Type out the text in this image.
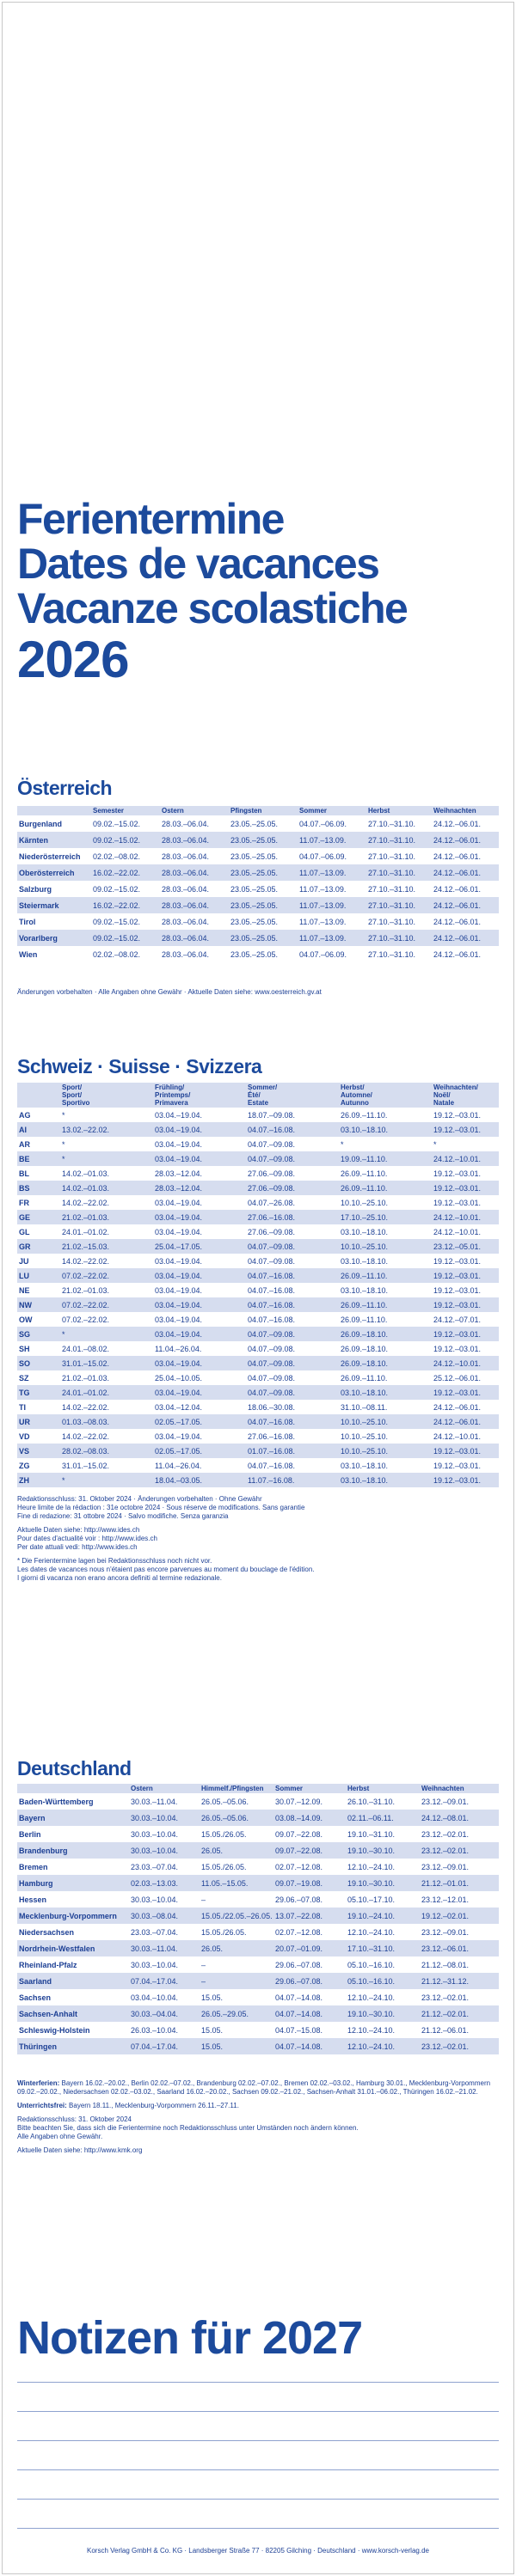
Ferientermine
Dates de vacances
Vacanze scolastiche
2026
Österreich
	Semester	Ostern	Pfingsten	Sommer	Herbst	Weihnachten
Burgenland	09.02.–15.02.	28.03.–06.04.	23.05.–25.05.	04.07.–06.09.	27.10.–31.10.	24.12.–06.01.
Kärnten	09.02.–15.02.	28.03.–06.04.	23.05.–25.05.	11.07.–13.09.	27.10.–31.10.	24.12.–06.01.
Niederösterreich	02.02.–08.02.	28.03.–06.04.	23.05.–25.05.	04.07.–06.09.	27.10.–31.10.	24.12.–06.01.
Oberösterreich	16.02.–22.02.	28.03.–06.04.	23.05.–25.05.	11.07.–13.09.	27.10.–31.10.	24.12.–06.01.
Salzburg	09.02.–15.02.	28.03.–06.04.	23.05.–25.05.	11.07.–13.09.	27.10.–31.10.	24.12.–06.01.
Steiermark	16.02.–22.02.	28.03.–06.04.	23.05.–25.05.	11.07.–13.09.	27.10.–31.10.	24.12.–06.01.
Tirol	09.02.–15.02.	28.03.–06.04.	23.05.–25.05.	11.07.–13.09.	27.10.–31.10.	24.12.–06.01.
Vorarlberg	09.02.–15.02.	28.03.–06.04.	23.05.–25.05.	11.07.–13.09.	27.10.–31.10.	24.12.–06.01.
Wien	02.02.–08.02.	28.03.–06.04.	23.05.–25.05.	04.07.–06.09.	27.10.–31.10.	24.12.–06.01.

Änderungen vorbehalten · Alle Angaben ohne Gewähr · Aktuelle Daten siehe: www.oesterreich.gv.at

Schweiz · Suisse · Svizzera
	Sport/
Sport/
Sportivo	Frühling/
Printemps/
Primavera	Sommer/
Été/
Estate	Herbst/
Automne/
Autunno	Weihnachten/
Noël/
Natale
AG	*	03.04.–19.04.	18.07.–09.08.	26.09.–11.10.	19.12.–03.01.
AI	13.02.–22.02.	03.04.–19.04.	04.07.–16.08.	03.10.–18.10.	19.12.–03.01.
AR	*	03.04.–19.04.	04.07.–09.08.	*	*
BE	*	03.04.–19.04.	04.07.–09.08.	19.09.–11.10.	24.12.–10.01.
BL	14.02.–01.03.	28.03.–12.04.	27.06.–09.08.	26.09.–11.10.	19.12.–03.01.
BS	14.02.–01.03.	28.03.–12.04.	27.06.–09.08.	26.09.–11.10.	19.12.–03.01.
FR	14.02.–22.02.	03.04.–19.04.	04.07.–26.08.	10.10.–25.10.	19.12.–03.01.
GE	21.02.–01.03.	03.04.–19.04.	27.06.–16.08.	17.10.–25.10.	24.12.–10.01.
GL	24.01.–01.02.	03.04.–19.04.	27.06.–09.08.	03.10.–18.10.	24.12.–10.01.
GR	21.02.–15.03.	25.04.–17.05.	04.07.–09.08.	10.10.–25.10.	23.12.–05.01.
JU	14.02.–22.02.	03.04.–19.04.	04.07.–09.08.	03.10.–18.10.	19.12.–03.01.
LU	07.02.–22.02.	03.04.–19.04.	04.07.–16.08.	26.09.–11.10.	19.12.–03.01.
NE	21.02.–01.03.	03.04.–19.04.	04.07.–16.08.	03.10.–18.10.	19.12.–03.01.
NW	07.02.–22.02.	03.04.–19.04.	04.07.–16.08.	26.09.–11.10.	19.12.–03.01.
OW	07.02.–22.02.	03.04.–19.04.	04.07.–16.08.	26.09.–11.10.	24.12.–07.01.
SG	*	03.04.–19.04.	04.07.–09.08.	26.09.–18.10.	19.12.–03.01.
SH	24.01.–08.02.	11.04.–26.04.	04.07.–09.08.	26.09.–18.10.	19.12.–03.01.
SO	31.01.–15.02.	03.04.–19.04.	04.07.–09.08.	26.09.–18.10.	24.12.–10.01.
SZ	21.02.–01.03.	25.04.–10.05.	04.07.–09.08.	26.09.–11.10.	25.12.–06.01.
TG	24.01.–01.02.	03.04.–19.04.	04.07.–09.08.	03.10.–18.10.	19.12.–03.01.
TI	14.02.–22.02.	03.04.–12.04.	18.06.–30.08.	31.10.–08.11.	24.12.–06.01.
UR	01.03.–08.03.	02.05.–17.05.	04.07.–16.08.	10.10.–25.10.	24.12.–06.01.
VD	14.02.–22.02.	03.04.–19.04.	27.06.–16.08.	10.10.–25.10.	24.12.–10.01.
VS	28.02.–08.03.	02.05.–17.05.	01.07.–16.08.	10.10.–25.10.	19.12.–03.01.
ZG	31.01.–15.02.	11.04.–26.04.	04.07.–16.08.	03.10.–18.10.	19.12.–03.01.
ZH	*	18.04.–03.05.	11.07.–16.08.	03.10.–18.10.	19.12.–03.01.

Redaktionsschluss: 31. Oktober 2024 · Änderungen vorbehalten · Ohne Gewähr

Heure limite de la rédaction : 31e octobre 2024 · Sous réserve de modifications. Sans garantie

Fine di redazione: 31 ottobre 2024 · Salvo modifiche. Senza garanzia

Aktuelle Daten siehe: http://www.ides.ch

Pour dates d'actualité voir : http://www.ides.ch

Per date attuali vedi: http://www.ides.ch

* Die Ferientermine lagen bei Redaktionsschluss noch nicht vor.

Les dates de vacances nous n'étaient pas encore parvenues au moment du bouclage de l'édition.

I giorni di vacanza non erano ancora definiti al termine redazionale.

Deutschland
	Ostern	Himmelf./Pfingsten	Sommer	Herbst	Weihnachten
Baden-Württemberg	30.03.–11.04.	26.05.–05.06.	30.07.–12.09.	26.10.–31.10.	23.12.–09.01.
Bayern	30.03.–10.04.	26.05.–05.06.	03.08.–14.09.	02.11.–06.11.	24.12.–08.01.
Berlin	30.03.–10.04.	15.05./26.05.	09.07.–22.08.	19.10.–31.10.	23.12.–02.01.
Brandenburg	30.03.–10.04.	26.05.	09.07.–22.08.	19.10.–30.10.	23.12.–02.01.
Bremen	23.03.–07.04.	15.05./26.05.	02.07.–12.08.	12.10.–24.10.	23.12.–09.01.
Hamburg	02.03.–13.03.	11.05.–15.05.	09.07.–19.08.	19.10.–30.10.	21.12.–01.01.
Hessen	30.03.–10.04.	–	29.06.–07.08.	05.10.–17.10.	23.12.–12.01.
Mecklenburg-Vorpommern	30.03.–08.04.	15.05./22.05.–26.05.	13.07.–22.08.	19.10.–24.10.	19.12.–02.01.
Niedersachsen	23.03.–07.04.	15.05./26.05.	02.07.–12.08.	12.10.–24.10.	23.12.–09.01.
Nordrhein-Westfalen	30.03.–11.04.	26.05.	20.07.–01.09.	17.10.–31.10.	23.12.–06.01.
Rheinland-Pfalz	30.03.–10.04.	–	29.06.–07.08.	05.10.–16.10.	21.12.–08.01.
Saarland	07.04.–17.04.	–	29.06.–07.08.	05.10.–16.10.	21.12.–31.12.
Sachsen	03.04.–10.04.	15.05.	04.07.–14.08.	12.10.–24.10.	23.12.–02.01.
Sachsen-Anhalt	30.03.–04.04.	26.05.–29.05.	04.07.–14.08.	19.10.–30.10.	21.12.–02.01.
Schleswig-Holstein	26.03.–10.04.	15.05.	04.07.–15.08.	12.10.–24.10.	21.12.–06.01.
Thüringen	07.04.–17.04.	15.05.	04.07.–14.08.	12.10.–24.10.	23.12.–02.01.

Winterferien: Bayern 16.02.–20.02., Berlin 02.02.–07.02., Brandenburg 02.02.–07.02., Bremen 02.02.–03.02., Hamburg 30.01., Mecklenburg-Vorpommern 09.02.–20.02., Niedersachsen 02.02.–03.02., Saarland 16.02.–20.02., Sachsen 09.02.–21.02., Sachsen-Anhalt 31.01.–06.02., Thüringen 16.02.–21.02.

Unterrichtsfrei: Bayern 18.11., Mecklenburg-Vorpommern 26.11.–27.11.

Redaktionsschluss: 31. Oktober 2024

Bitte beachten Sie, dass sich die Ferientermine noch Redaktionsschluss unter Umständen noch ändern können.

Alle Angaben ohne Gewähr.

Aktuelle Daten siehe: http://www.kmk.org

Notizen für 2027
Korsch Verlag GmbH & Co. KG · Landsberger Straße 77 · 82205 Gilching · Deutschland · www.korsch-verlag.de
